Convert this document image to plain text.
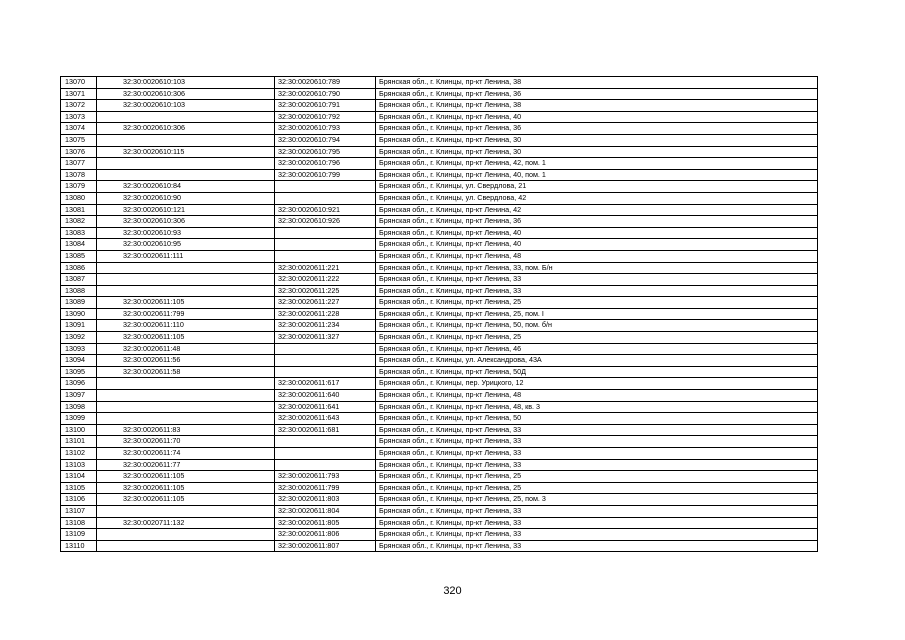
13070	32:30:0020610:103	32:30:0020610:789	Брянская обл., г. Клинцы, пр-кт Ленина, 38
13071	32:30:0020610:306	32:30:0020610:790	Брянская обл., г. Клинцы, пр-кт Ленина, 36
13072	32:30:0020610:103	32:30:0020610:791	Брянская обл., г. Клинцы, пр-кт Ленина, 38
13073		32:30:0020610:792	Брянская обл., г. Клинцы, пр-кт Ленина, 40
13074	32:30:0020610:306	32:30:0020610:793	Брянская обл., г. Клинцы, пр-кт Ленина, 36
13075		32:30:0020610:794	Брянская обл., г. Клинцы, пр-кт Ленина, 30
13076	32:30:0020610:115	32:30:0020610:795	Брянская обл., г. Клинцы, пр-кт Ленина, 30
13077		32:30:0020610:796	Брянская обл., г. Клинцы, пр-кт Ленина, 42, пом. 1
13078		32:30:0020610:799	Брянская обл., г. Клинцы, пр-кт Ленина, 40, пом. 1
13079	32:30:0020610:84		Брянская обл., г. Клинцы, ул. Свердлова, 21
13080	32:30:0020610:90		Брянская обл., г. Клинцы, ул. Свердлова, 42
13081	32:30:0020610:121	32:30:0020610:921	Брянская обл., г. Клинцы, пр-кт Ленина, 42
13082	32:30:0020610:306	32:30:0020610:926	Брянская обл., г. Клинцы, пр-кт Ленина, 36
13083	32:30:0020610:93		Брянская обл., г. Клинцы, пр-кт Ленина, 40
13084	32:30:0020610:95		Брянская обл., г. Клинцы, пр-кт Ленина, 40
13085	32:30:0020611:111		Брянская обл., г. Клинцы, пр-кт Ленина, 48
13086		32:30:0020611:221	Брянская обл., г. Клинцы, пр-кт Ленина, 33, пом. Б/н
13087		32:30:0020611:222	Брянская обл., г. Клинцы, пр-кт Ленина, 33
13088		32:30:0020611:225	Брянская обл., г. Клинцы, пр-кт Ленина, 33
13089	32:30:0020611:105	32:30:0020611:227	Брянская обл., г. Клинцы, пр-кт Ленина, 25
13090	32:30:0020611:799	32:30:0020611:228	Брянская обл., г. Клинцы, пр-кт Ленина, 25, пом. I
13091	32:30:0020611:110	32:30:0020611:234	Брянская обл., г. Клинцы, пр-кт Ленина, 50, пом. б/н
13092	32:30:0020611:105	32:30:0020611:327	Брянская обл., г. Клинцы, пр-кт Ленина, 25
13093	32:30:0020611:48		Брянская обл., г. Клинцы, пр-кт Ленина, 46
13094	32:30:0020611:56		Брянская обл., г. Клинцы, ул. Александрова, 43А
13095	32:30:0020611:58		Брянская обл., г. Клинцы, пр-кт Ленина, 50Д
13096		32:30:0020611:617	Брянская обл., г. Клинцы, пер. Урицкого, 12
13097		32:30:0020611:640	Брянская обл., г. Клинцы, пр-кт Ленина, 48
13098		32:30:0020611:641	Брянская обл., г. Клинцы, пр-кт Ленина, 48, кв. 3
13099		32:30:0020611:643	Брянская обл., г. Клинцы, пр-кт Ленина, 50
13100	32:30:0020611:83	32:30:0020611:681	Брянская обл., г. Клинцы, пр-кт Ленина, 33
13101	32:30:0020611:70		Брянская обл., г. Клинцы, пр-кт Ленина, 33
13102	32:30:0020611:74		Брянская обл., г. Клинцы, пр-кт Ленина, 33
13103	32:30:0020611:77		Брянская обл., г. Клинцы, пр-кт Ленина, 33
13104	32:30:0020611:105	32:30:0020611:793	Брянская обл., г. Клинцы, пр-кт Ленина, 25
13105	32:30:0020611:105	32:30:0020611:799	Брянская обл., г. Клинцы, пр-кт Ленина, 25
13106	32:30:0020611:105	32:30:0020611:803	Брянская обл., г. Клинцы, пр-кт Ленина, 25, пом. 3
13107		32:30:0020611:804	Брянская обл., г. Клинцы, пр-кт Ленина, 33
13108	32:30:0020711:132	32:30:0020611:805	Брянская обл., г. Клинцы, пр-кт Ленина, 33
13109		32:30:0020611:806	Брянская обл., г. Клинцы, пр-кт Ленина, 33
13110		32:30:0020611:807	Брянская обл., г. Клинцы, пр-кт Ленина, 33
320
